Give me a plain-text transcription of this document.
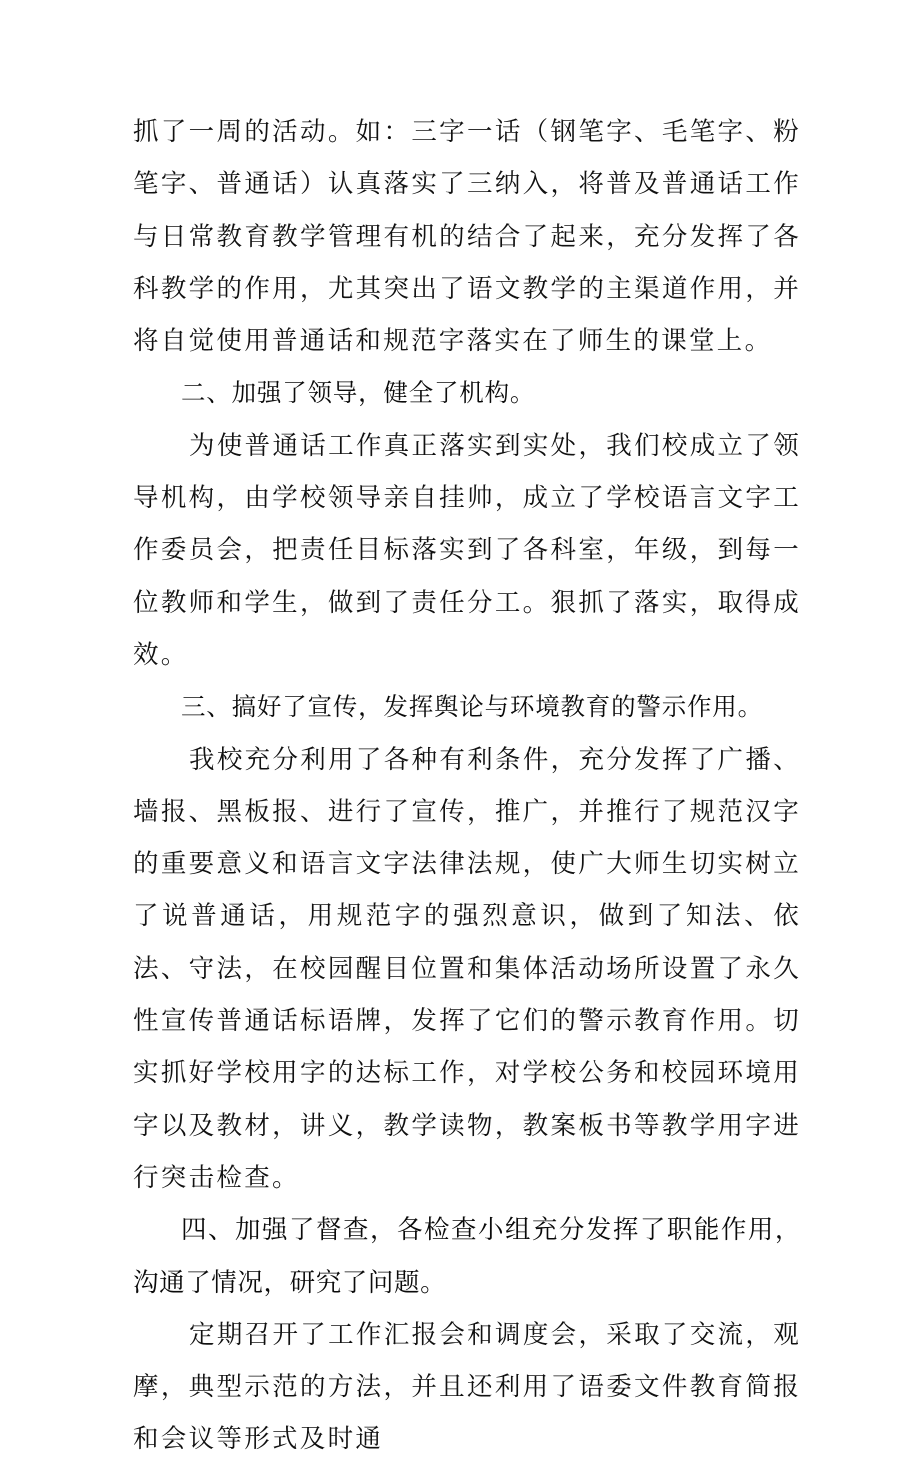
抓了一周的活动。如：三字一话（钢笔字、毛笔字、粉笔字、普通话）认真落实了三纳入，将普及普通话工作与日常教育教学管理有机的结合了起来，充分发挥了各科教学的作用，尤其突出了语文教学的主渠道作用，并将自觉使用普通话和规范字落实在了师生的课堂上。

二、加强了领导，健全了机构。

为使普通话工作真正落实到实处，我们校成立了领导机构，由学校领导亲自挂帅，成立了学校语言文字工作委员会，把责任目标落实到了各科室，年级，到每一位教师和学生，做到了责任分工。狠抓了落实，取得成效。

三、搞好了宣传，发挥舆论与环境教育的警示作用。

我校充分利用了各种有利条件，充分发挥了广播、墙报、黑板报、进行了宣传，推广，并推行了规范汉字的重要意义和语言文字法律法规，使广大师生切实树立了说普通话，用规范字的强烈意识，做到了知法、依法、守法，在校园醒目位置和集体活动场所设置了永久性宣传普通话标语牌，发挥了它们的警示教育作用。切实抓好学校用字的达标工作，对学校公务和校园环境用字以及教材，讲义，教学读物，教案板书等教学用字进行突击检查。

四、加强了督查，各检查小组充分发挥了职能作用，沟通了情况，研究了问题。

定期召开了工作汇报会和调度会，采取了交流，观摩，典型示范的方法，并且还利用了语委文件教育简报和会议等形式及时通
